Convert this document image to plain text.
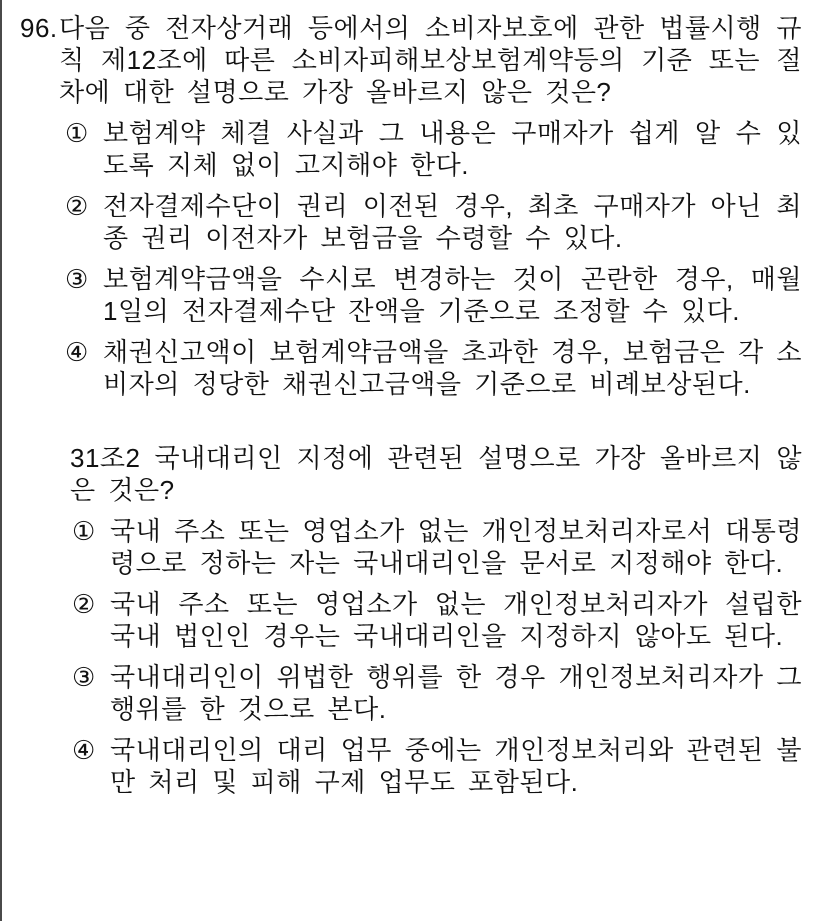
96. 다음 중 전자상거래 등에서의 소비자보호에 관한 법률시행 규칙 제12조에 따른 소비자피해보상보험계약등의 기준 또는 절차에 대한 설명으로 가장 올바르지 않은 것은?
① 보험계약 체결 사실과 그 내용은 구매자가 쉽게 알 수 있도록 지체 없이 고지해야 한다.
② 전자결제수단이 권리 이전된 경우, 최초 구매자가 아닌 최종 권리 이전자가 보험금을 수령할 수 있다.
③ 보험계약금액을 수시로 변경하는 것이 곤란한 경우, 매월 1일의 전자결제수단 잔액을 기준으로 조정할 수 있다.
④ 채권신고액이 보험계약금액을 초과한 경우, 보험금은 각 소비자의 정당한 채권신고금액을 기준으로 비례보상된다.
31조2 국내대리인 지정에 관련된 설명으로 가장 올바르지 않은 것은?
① 국내 주소 또는 영업소가 없는 개인정보처리자로서 대통령령으로 정하는 자는 국내대리인을 문서로 지정해야 한다.
② 국내 주소 또는 영업소가 없는 개인정보처리자가 설립한 국내 법인인 경우는 국내대리인을 지정하지 않아도 된다.
③ 국내대리인이 위법한 행위를 한 경우 개인정보처리자가 그 행위를 한 것으로 본다.
④ 국내대리인의 대리 업무 중에는 개인정보처리와 관련된 불만 처리 및 피해 구제 업무도 포함된다.
